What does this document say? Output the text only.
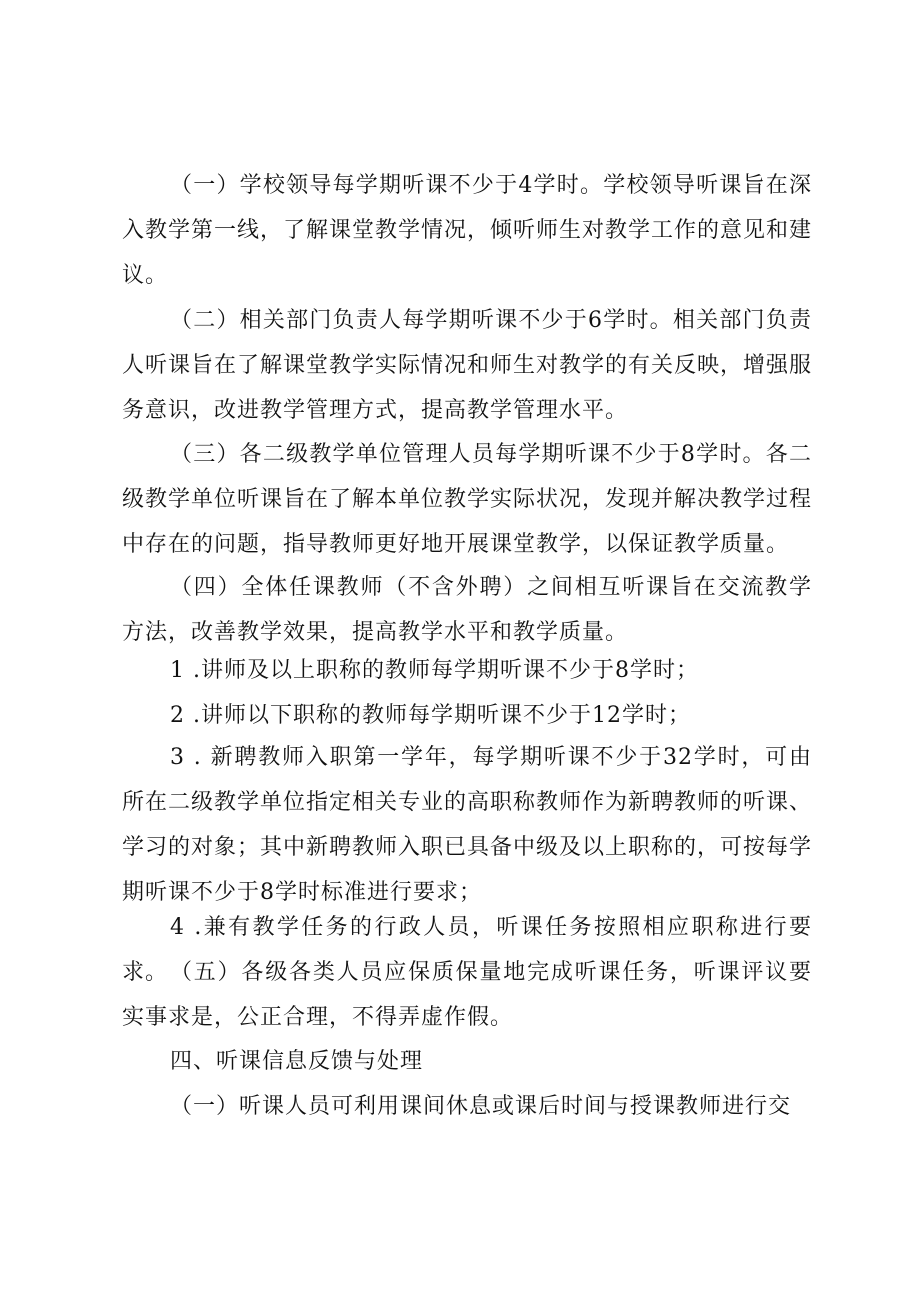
（一）学校领导每学期听课不少于4学时。学校领导听课旨在深入教学第一线，了解课堂教学情况，倾听师生对教学工作的意见和建议。

（二）相关部门负责人每学期听课不少于6学时。相关部门负责人听课旨在了解课堂教学实际情况和师生对教学的有关反映，增强服务意识，改进教学管理方式，提高教学管理水平。

（三）各二级教学单位管理人员每学期听课不少于8学时。各二级教学单位听课旨在了解本单位教学实际状况，发现并解决教学过程中存在的问题，指导教师更好地开展课堂教学，以保证教学质量。

（四）全体任课教师（不含外聘）之间相互听课旨在交流教学方法，改善教学效果，提高教学水平和教学质量。

1 .讲师及以上职称的教师每学期听课不少于8学时；

2 .讲师以下职称的教师每学期听课不少于12学时；

3 . 新聘教师入职第一学年，每学期听课不少于32学时，可由所在二级教学单位指定相关专业的高职称教师作为新聘教师的听课、学习的对象；其中新聘教师入职已具备中级及以上职称的，可按每学期听课不少于8学时标准进行要求；

4 .兼有教学任务的行政人员，听课任务按照相应职称进行要求。 （五）各级各类人员应保质保量地完成听课任务，听课评议要实事求是，公正合理，不得弄虚作假。

四、听课信息反馈与处理

（一）听课人员可利用课间休息或课后时间与授课教师进行交
